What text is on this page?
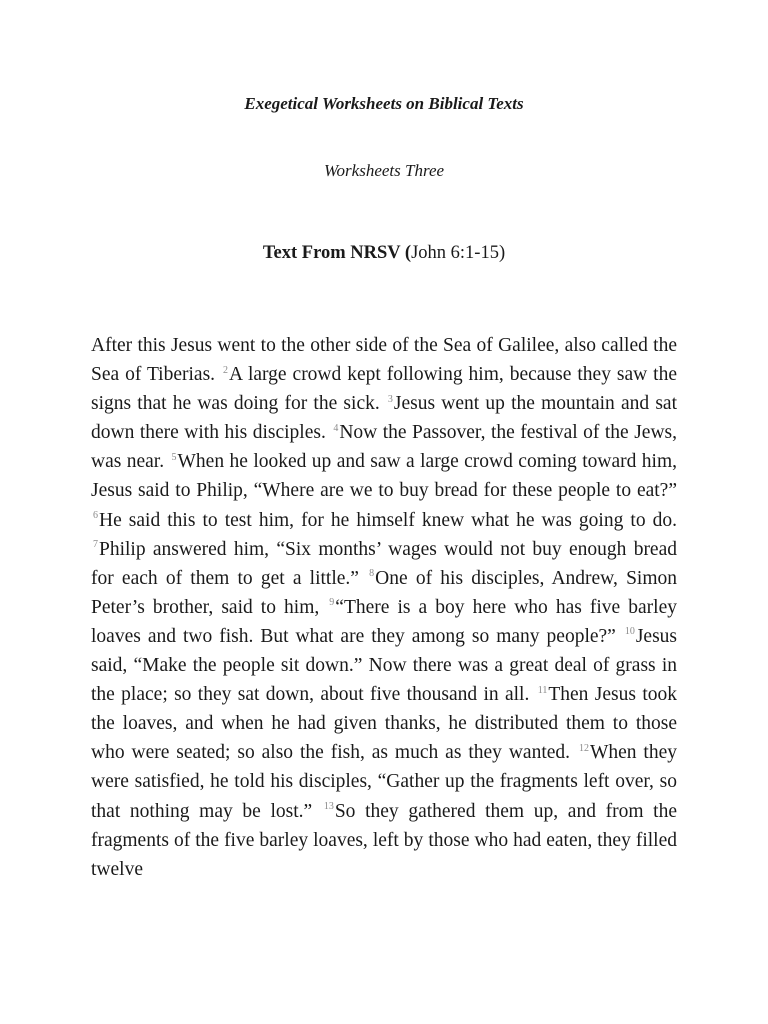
Exegetical Worksheets on Biblical Texts
Worksheets Three
Text From NRSV (John 6:1-15)
After this Jesus went to the other side of the Sea of Galilee, also called the Sea of Tiberias. $^2$A large crowd kept following him, because they saw the signs that he was doing for the sick. $^3$Jesus went up the mountain and sat down there with his disciples. $^4$Now the Passover, the festival of the Jews, was near. $^5$When he looked up and saw a large crowd coming toward him, Jesus said to Philip, “Where are we to buy bread for these people to eat?” $^6$He said this to test him, for he himself knew what he was going to do. $^7$Philip answered him, “Six months’ wages would not buy enough bread for each of them to get a little.” $^8$One of his disciples, Andrew, Simon Peter’s brother, said to him, $^9$“There is a boy here who has five barley loaves and two fish. But what are they among so many people?” $^{10}$Jesus said, “Make the people sit down.” Now there was a great deal of grass in the place; so they sat down, about five thousand in all. $^{11}$Then Jesus took the loaves, and when he had given thanks, he distributed them to those who were seated; so also the fish, as much as they wanted. $^{12}$When they were satisfied, he told his disciples, “Gather up the fragments left over, so that nothing may be lost.” $^{13}$So they gathered them up, and from the fragments of the five barley loaves, left by those who had eaten, they filled twelve
